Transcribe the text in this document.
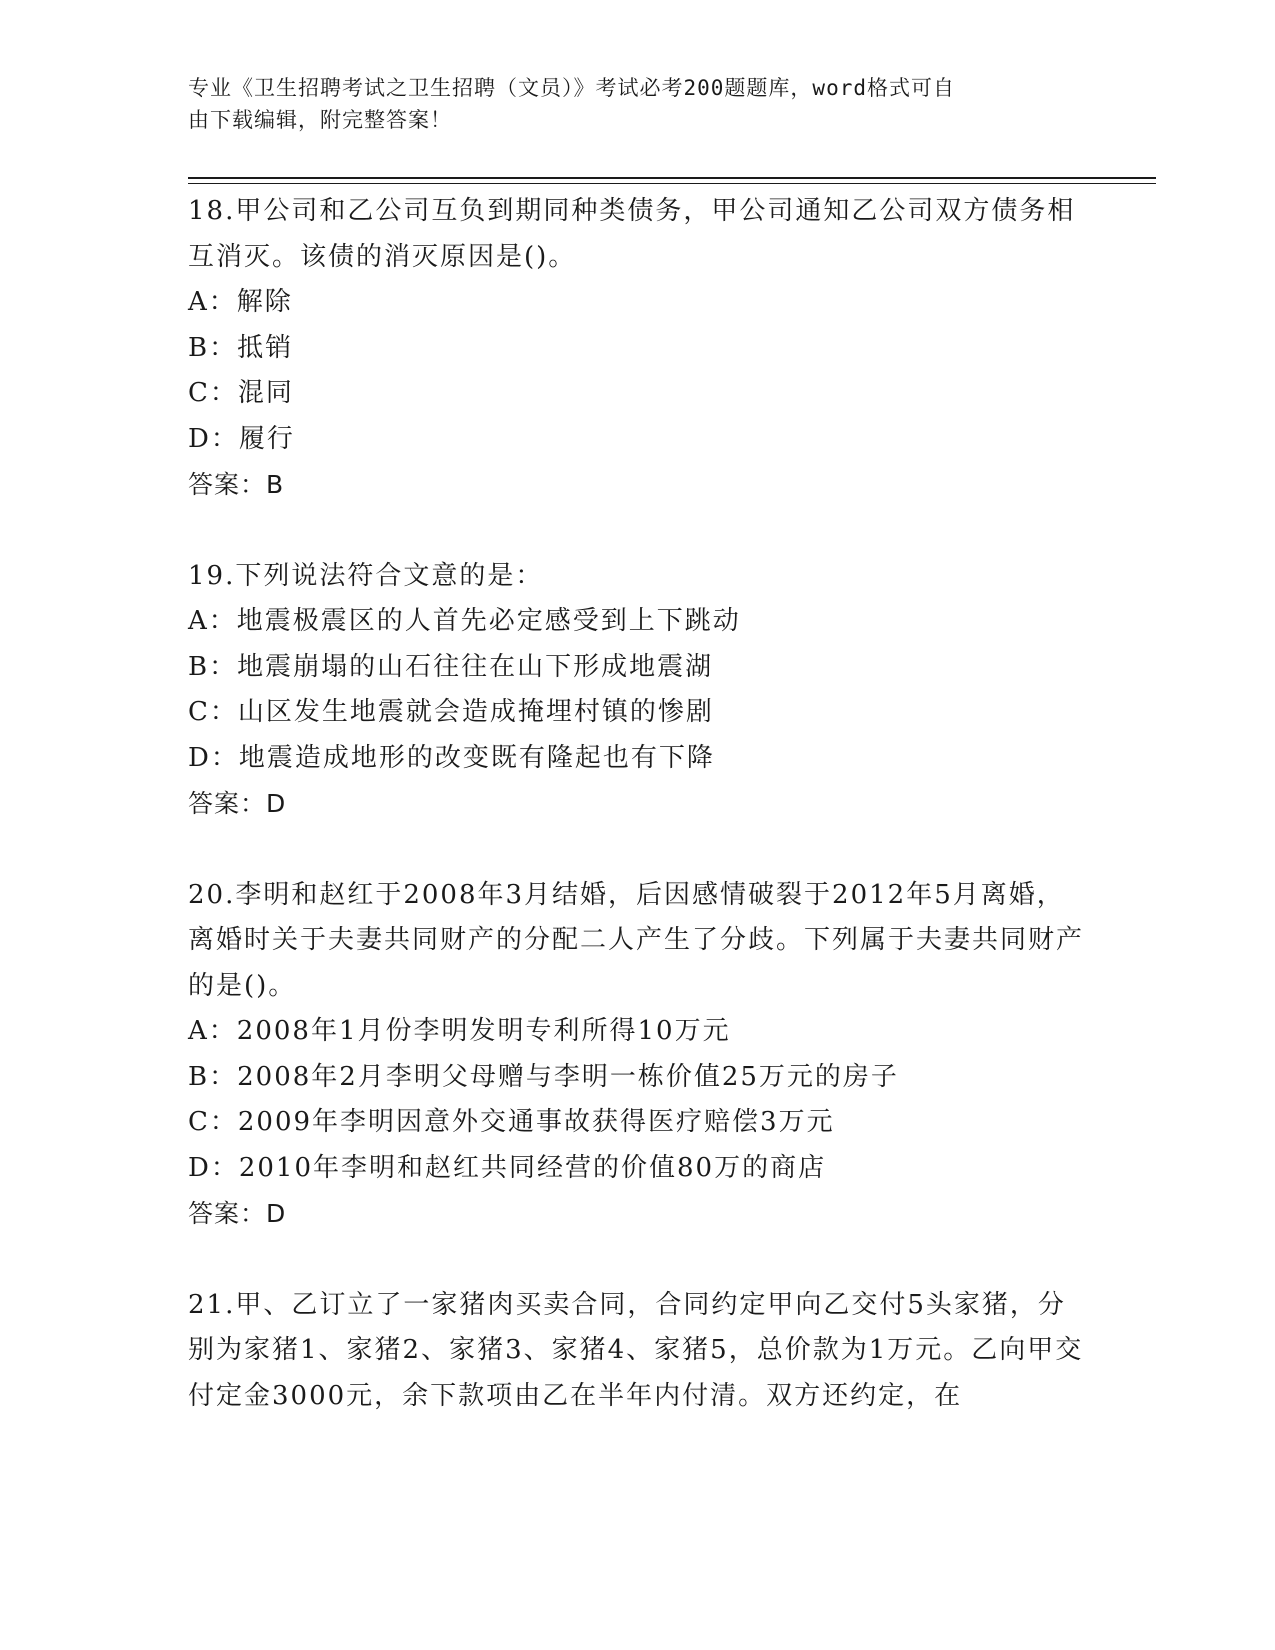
专业《卫生招聘考试之卫生招聘（文员）》考试必考200题题库，word格式可自
由下载编辑，附完整答案！

18.甲公司和乙公司互负到期同种类债务，甲公司通知乙公司双方债务相互消灭。该债的消灭原因是()。

A：解除

B：抵销

C：混同

D：履行

答案：B

19.下列说法符合文意的是：

A：地震极震区的人首先必定感受到上下跳动

B：地震崩塌的山石往往在山下形成地震湖

C：山区发生地震就会造成掩埋村镇的惨剧

D：地震造成地形的改变既有隆起也有下降

答案：D

20.李明和赵红于2008年3月结婚，后因感情破裂于2012年5月离婚，离婚时关于夫妻共同财产的分配二人产生了分歧。下列属于夫妻共同财产的是()。

A：2008年1月份李明发明专利所得10万元

B：2008年2月李明父母赠与李明一栋价值25万元的房子

C：2009年李明因意外交通事故获得医疗赔偿3万元

D：2010年李明和赵红共同经营的价值80万的商店

答案：D

21.甲、乙订立了一家猪肉买卖合同，合同约定甲向乙交付5头家猪，分别为家猪1、家猪2、家猪3、家猪4、家猪5，总价款为1万元。乙向甲交付定金3000元，余下款项由乙在半年内付清。双方还约定，在
